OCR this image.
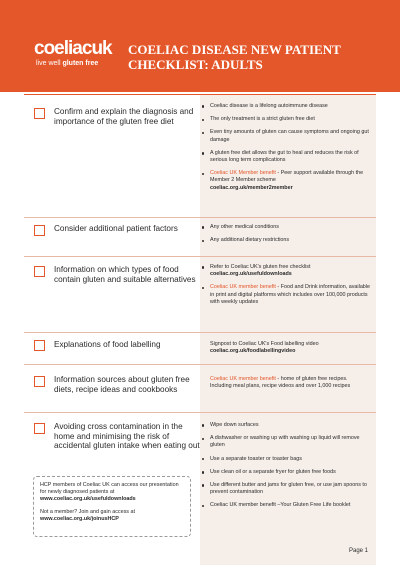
coeliacuk
live well gluten free
COELIAC DISEASE NEW PATIENT CHECKLIST: ADULTS
Confirm and explain the diagnosis and importance of the gluten free diet
Coeliac disease is a lifelong autoimmune disease
The only treatment is a strict gluten free diet
Even tiny amounts of gluten can cause symptoms and ongoing gut damage
A gluten free diet allows the gut to heal and reduces the risk of serious long term complications
Coeliac UK Member benefit - Peer support available through the Member 2 Member scheme
coeliac.org.uk/member2member
Consider additional patient factors	Any other medical conditions
Any additional dietary restrictions
Information on which types of food contain gluten and suitable alternatives
Refer to Coeliac UK's gluten free checklist
coeliac.org.uk/usefuldownloads
Coeliac UK member benefit - Food and Drink information, available in print and digital platforms which includes over 100,000 products with weekly updates
Explanations of food labelling	Signpost to Coeliac UK's Food labelling video
coeliac.org.uk/foodlabellingvideo
Information sources about gluten free diets, recipe ideas and cookbooks
Coeliac UK member benefit - home of gluten free recipes. Including meal plans, recipe videos and over 1,000 recipes
Avoiding cross contamination in the home and minimising the risk of accidental gluten intake when eating out
Wipe down surfaces
A dishwasher or washing up with washing up liquid will remove gluten
Use a separate toaster or toaster bags
Use clean oil or a separate fryer for gluten free foods
Use different butter and jams for gluten free, or use jam spoons to prevent contamination
Coeliac UK member benefit –Your Gluten Free Life booklet

HCP members of Coeliac UK can access our presentation for newly diagnosed patients at www.coeliac.org.uk/usefuldownloads

Not a member? Join and gain access at www.coeliac.org.uk/joinusHCP

Page 1
